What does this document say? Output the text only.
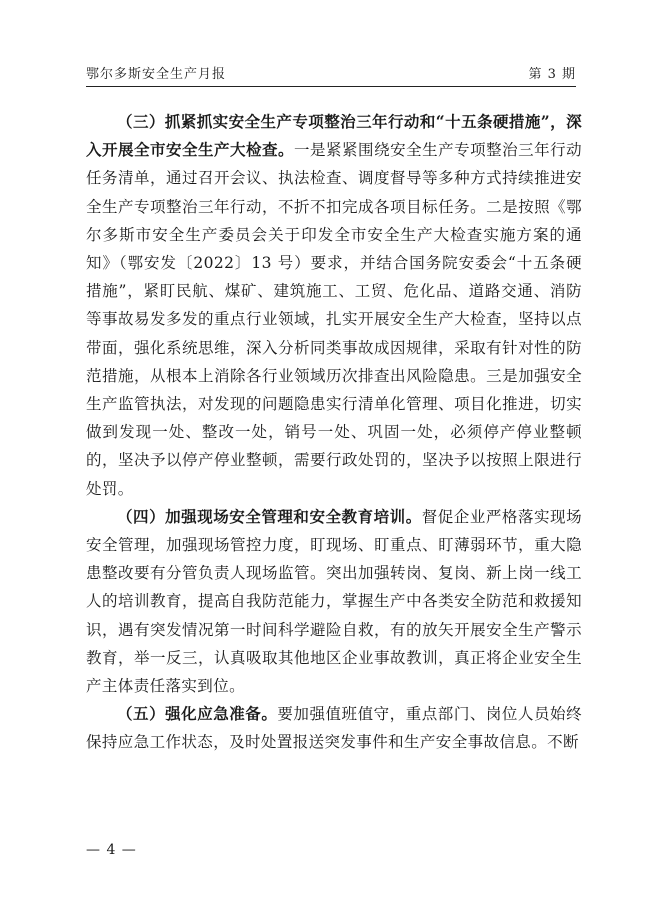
鄂尔多斯安全生产月报	第 3 期

（三）抓紧抓实安全生产专项整治三年行动和“十五条硬措施”，深入开展全市安全生产大检查。一是紧紧围绕安全生产专项整治三年行动任务清单，通过召开会议、执法检查、调度督导等多种方式持续推进安全生产专项整治三年行动，不折不扣完成各项目标任务。二是按照《鄂尔多斯市安全生产委员会关于印发全市安全生产大检查实施方案的通知》（鄂安发〔2022〕13 号）要求，并结合国务院安委会“十五条硬措施”，紧盯民航、煤矿、建筑施工、工贸、危化品、道路交通、消防等事故易发多发的重点行业领域，扎实开展安全生产大检查，坚持以点带面，强化系统思维，深入分析同类事故成因规律，采取有针对性的防范措施，从根本上消除各行业领域历次排查出风险隐患。三是加强安全生产监管执法，对发现的问题隐患实行清单化管理、项目化推进，切实做到发现一处、整改一处，销号一处、巩固一处，必须停产停业整顿的，坚决予以停产停业整顿，需要行政处罚的，坚决予以按照上限进行处罚。

（四）加强现场安全管理和安全教育培训。督促企业严格落实现场安全管理，加强现场管控力度，盯现场、盯重点、盯薄弱环节，重大隐患整改要有分管负责人现场监管。突出加强转岗、复岗、新上岗一线工人的培训教育，提高自我防范能力，掌握生产中各类安全防范和救援知识，遇有突发情况第一时间科学避险自救，有的放矢开展安全生产警示教育，举一反三，认真吸取其他地区企业事故教训，真正将企业安全生产主体责任落实到位。

（五）强化应急准备。要加强值班值守，重点部门、岗位人员始终保持应急工作状态，及时处置报送突发事件和生产安全事故信息。不断

— 4 —
